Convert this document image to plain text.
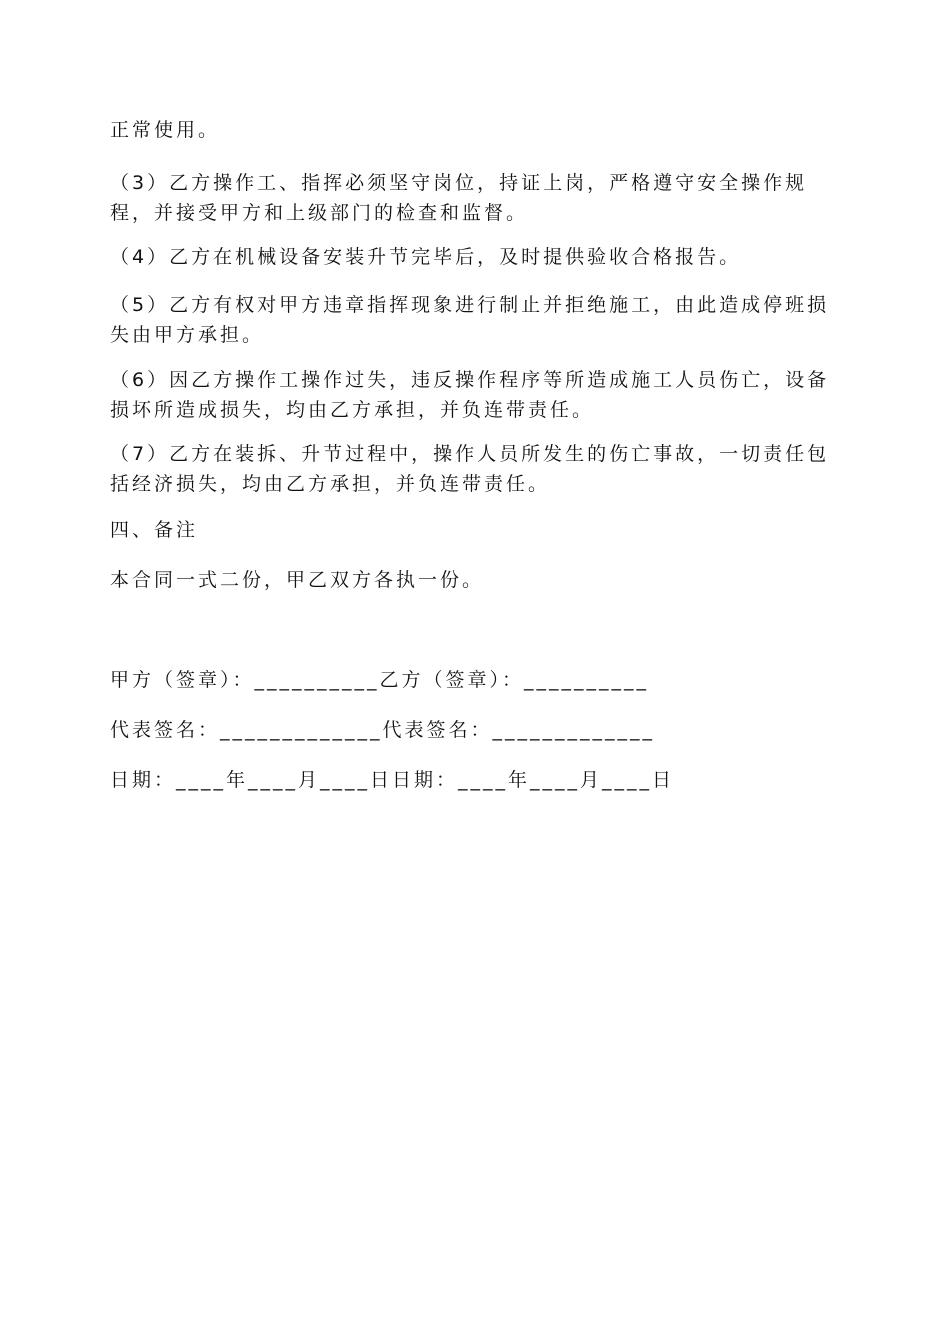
正常使用。

（3）乙方操作工、指挥必须坚守岗位，持证上岗，严格遵守安全操作规程，并接受甲方和上级部门的检查和监督。

（4）乙方在机械设备安装升节完毕后，及时提供验收合格报告。

（5）乙方有权对甲方违章指挥现象进行制止并拒绝施工，由此造成停班损失由甲方承担。

（6）因乙方操作工操作过失，违反操作程序等所造成施工人员伤亡，设备损坏所造成损失，均由乙方承担，并负连带责任。

（7）乙方在装拆、升节过程中，操作人员所发生的伤亡事故，一切责任包括经济损失，均由乙方承担，并负连带责任。

四、备注

本合同一式二份，甲乙双方各执一份。

甲方（签章）：__________乙方（签章）：__________

代表签名：_____________代表签名：_____________

日期：____年____月____日日期：____年____月____日
